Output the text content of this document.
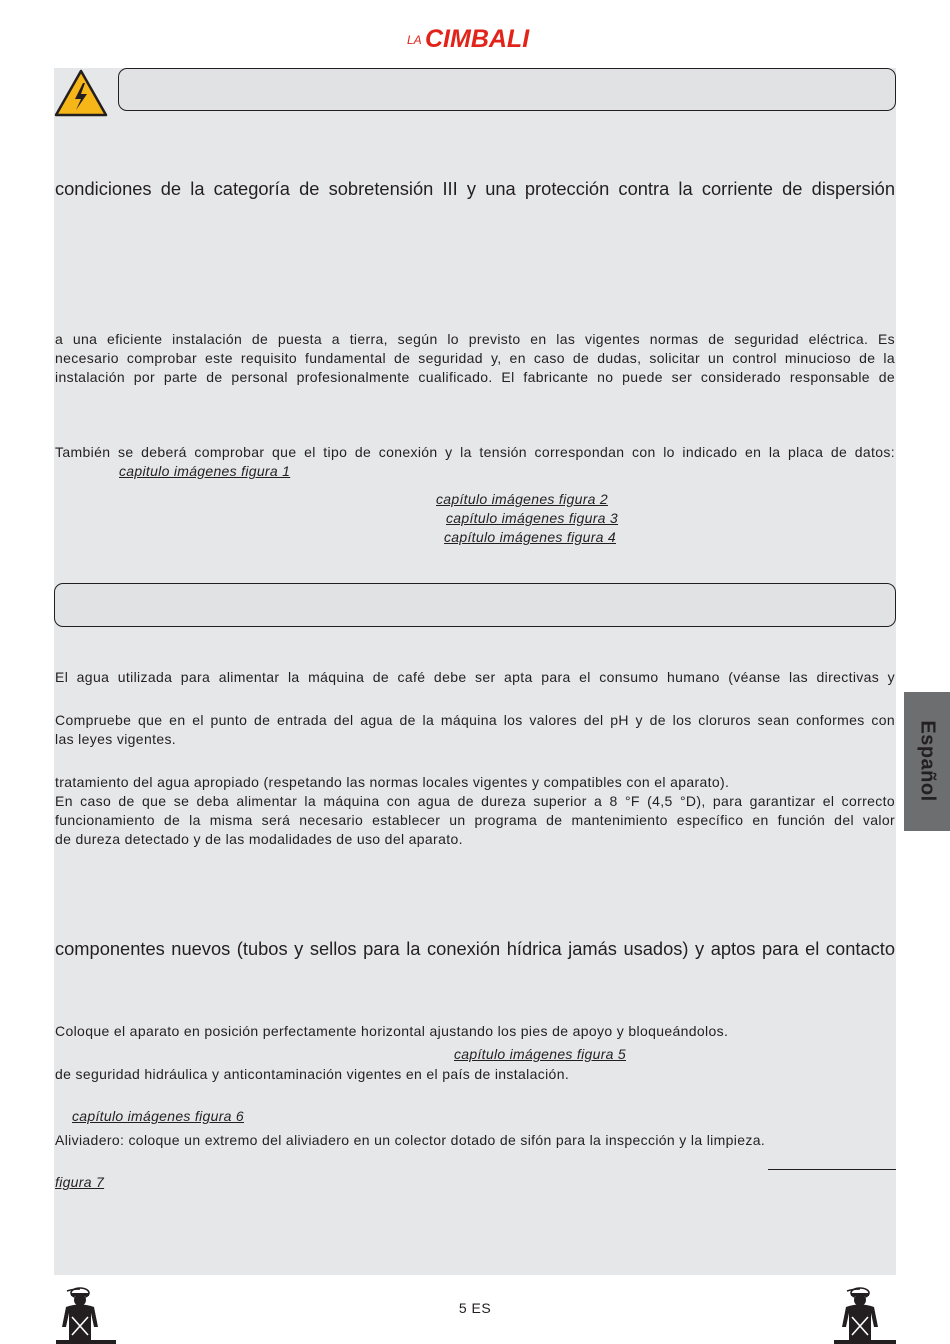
LA CIMBALI
condiciones de la categoría de sobretensión III y una protección contra la corriente de dispersión
a una eficiente instalación de puesta a tierra, según lo previsto en las vigentes normas de seguridad eléctrica. Es
necesario comprobar este requisito fundamental de seguridad y, en caso de dudas, solicitar un control minucioso de la
instalación por parte de personal profesionalmente cualificado. El fabricante no puede ser considerado responsable de
También se deberá comprobar que el tipo de conexión y la tensión correspondan con lo indicado en la placa de datos:
capitulo imágenes figura 1
capítulo imágenes figura 2
capítulo imágenes figura 3
capítulo imágenes figura 4
El agua utilizada para alimentar la máquina de café debe ser apta para el consumo humano (véanse las directivas y
Compruebe que en el punto de entrada del agua de la máquina los valores del pH y de los cloruros sean conformes con
las leyes vigentes.
tratamiento del agua apropiado (respetando las normas locales vigentes y compatibles con el aparato).
En caso de que se deba alimentar la máquina con agua de dureza superior a 8 °F (4,5 °D), para garantizar el correcto
funcionamiento de la misma será necesario establecer un programa de mantenimiento específico en función del valor
de dureza detectado y de las modalidades de uso del aparato.
componentes nuevos (tubos y sellos para la conexión hídrica jamás usados) y aptos para el contacto
Coloque el aparato en posición perfectamente horizontal ajustando los pies de apoyo y bloqueándolos.
capítulo imágenes figura 5
de seguridad hidráulica y anticontaminación vigentes en el país de instalación.
capítulo imágenes figura 6
Aliviadero: coloque un extremo del aliviadero en un colector dotado de sifón para la inspección y la limpieza.
figura 7
Español
5 ES
